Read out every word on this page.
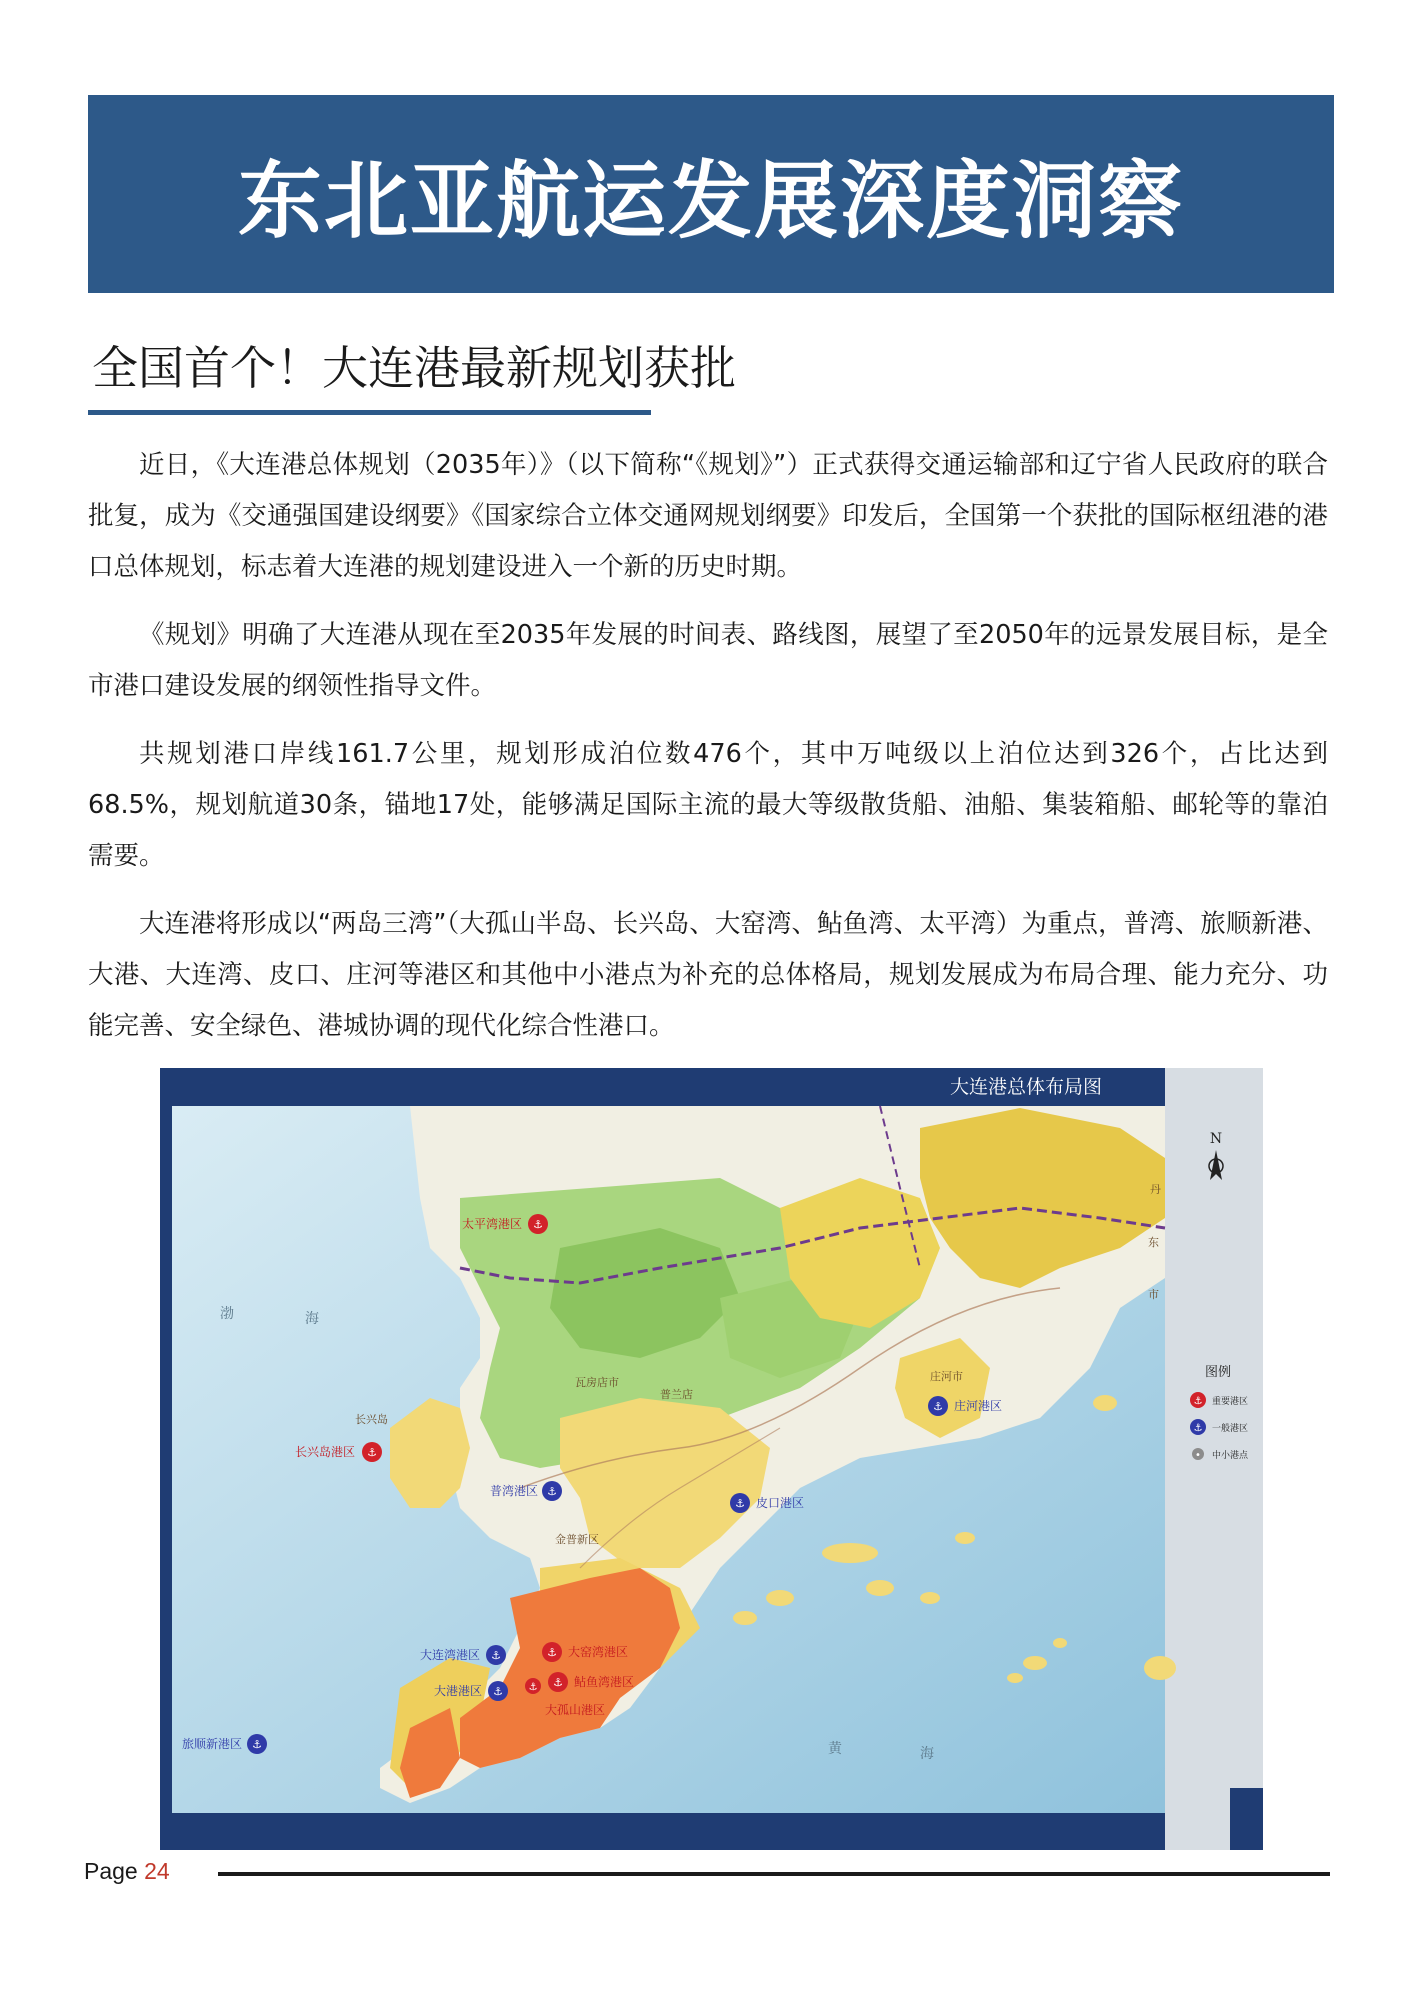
东北亚航运发展深度洞察
全国首个！大连港最新规划获批

近日，《大连港总体规划（2035年）》（以下简称“《规划》”）正式获得交通运输部和辽宁省人民政府的联合批复，成为《交通强国建设纲要》《国家综合立体交通网规划纲要》印发后，全国第一个获批的国际枢纽港的港口总体规划，标志着大连港的规划建设进入一个新的历史时期。

《规划》明确了大连港从现在至2035年发展的时间表、路线图，展望了至2050年的远景发展目标，是全市港口建设发展的纲领性指导文件。

共规划港口岸线161.7公里，规划形成泊位数476个，其中万吨级以上泊位达到326个，占比达到68.5%，规划航道30条，锚地17处，能够满足国际主流的最大等级散货船、油船、集装箱船、邮轮等的靠泊需要。

大连港将形成以“两岛三湾”（大孤山半岛、长兴岛、大窑湾、鲇鱼湾、太平湾）为重点，普湾、旅顺新港、大港、大连湾、皮口、庄河等港区和其他中小港点为补充的总体格局，规划发展成为布局合理、能力充分、功能完善、安全绿色、港城协调的现代化综合性港口。

大连港总体布局图
N
图例
⚓ 重要港区
⚓ 一般港区
• 中小港点
渤	海
黄	海
长兴岛
庄河市
瓦房店市
普兰店
金普新区
丹
东
市
太平湾港区 ⚓
长兴岛港区 ⚓
普湾港区 ⚓
⚓ 皮口港区
⚓ 庄河港区
大连湾港区 ⚓
大港港区 ⚓
旅顺新港区 ⚓
⚓ 大窑湾港区
⚓ 鲇鱼湾港区
⚓
大孤山港区
Page 24
